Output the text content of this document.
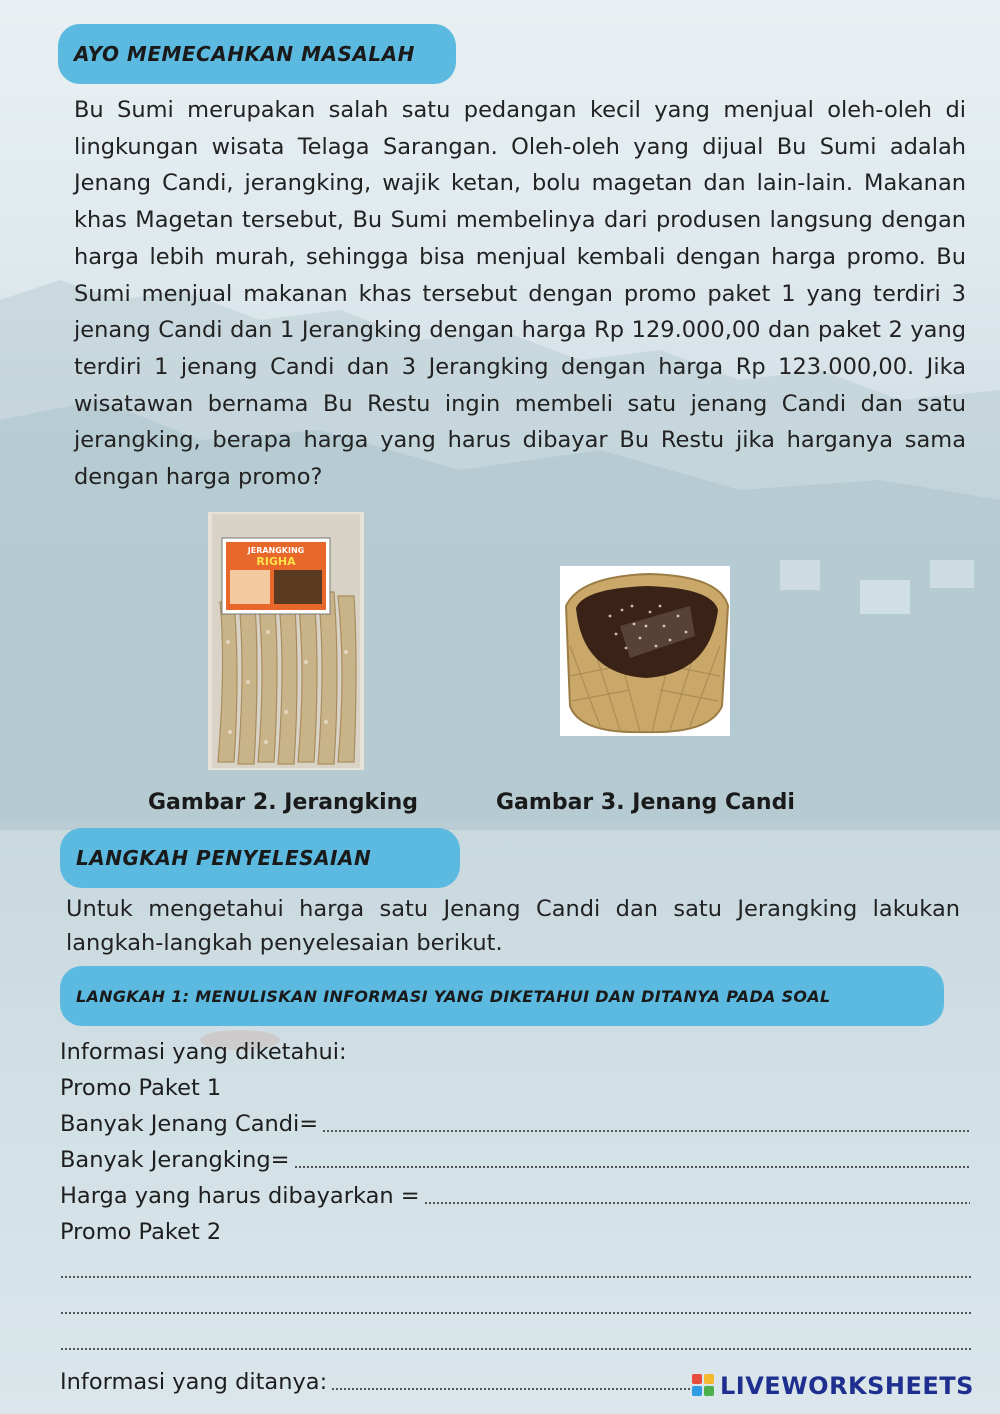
AYO MEMECAHKAN MASALAH
Bu Sumi merupakan salah satu pedangan kecil yang menjual oleh-oleh di lingkungan wisata Telaga Sarangan. Oleh-oleh yang dijual Bu Sumi adalah Jenang Candi, jerangking, wajik ketan, bolu magetan dan lain-lain. Makanan khas Magetan tersebut, Bu Sumi membelinya dari produsen langsung dengan harga lebih murah, sehingga bisa menjual kembali dengan harga promo. Bu Sumi menjual makanan khas tersebut dengan promo paket 1 yang terdiri 3 jenang Candi dan 1 Jerangking dengan harga Rp 129.000,00 dan paket 2 yang terdiri 1 jenang Candi dan 3 Jerangking dengan harga Rp 123.000,00. Jika wisatawan bernama Bu Restu ingin membeli satu jenang Candi dan satu jerangking, berapa harga yang harus dibayar Bu Restu jika harganya sama dengan harga promo?
JERANGKING
RIGHA
Gambar 2. Jerangking	Gambar 3. Jenang Candi
LANGKAH PENYELESAIAN
Untuk mengetahui harga satu Jenang Candi dan satu Jerangking lakukan langkah-langkah penyelesaian berikut.
LANGKAH 1: MENULISKAN INFORMASI YANG DIKETAHUI DAN DITANYA PADA SOAL
Informasi yang diketahui:
Promo Paket 1
Banyak Jenang Candi=
Banyak Jerangking=
Harga yang harus dibayarkan =
Promo Paket 2
Informasi yang ditanya:	LIVEWORKSHEETS
